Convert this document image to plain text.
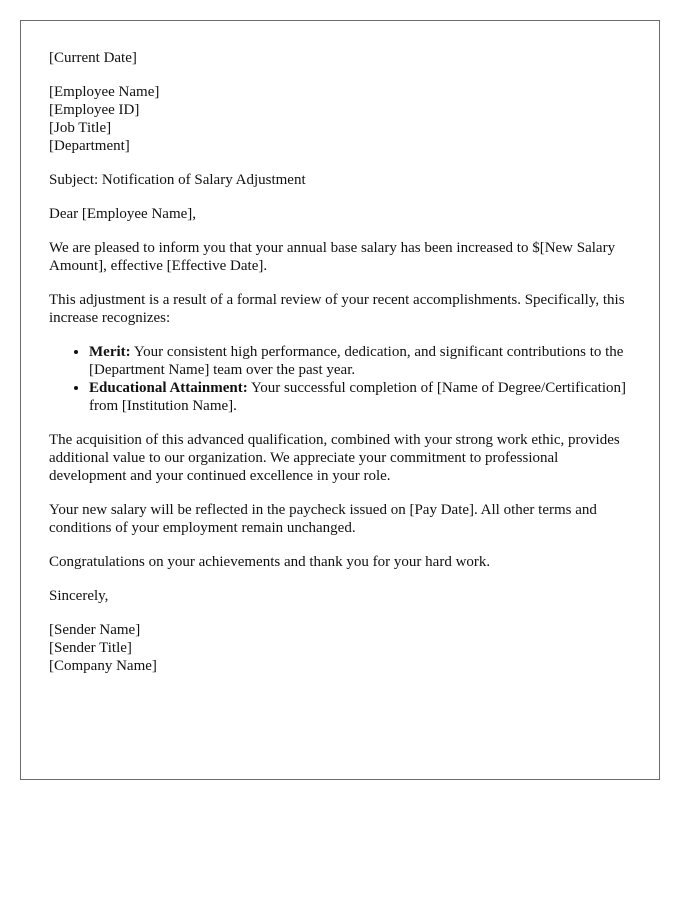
[Current Date]
[Employee Name]
[Employee ID]
[Job Title]
[Department]
Subject: Notification of Salary Adjustment
Dear [Employee Name],
We are pleased to inform you that your annual base salary has been increased to $[New Salary Amount], effective [Effective Date].
This adjustment is a result of a formal review of your recent accomplishments. Specifically, this increase recognizes:
• Merit: Your consistent high performance, dedication, and significant contributions to the [Department Name] team over the past year.
• Educational Attainment: Your successful completion of [Name of Degree/Certification] from [Institution Name].
The acquisition of this advanced qualification, combined with your strong work ethic, provides additional value to our organization. We appreciate your commitment to professional development and your continued excellence in your role.
Your new salary will be reflected in the paycheck issued on [Pay Date]. All other terms and conditions of your employment remain unchanged.
Congratulations on your achievements and thank you for your hard work.
Sincerely,
[Sender Name]
[Sender Title]
[Company Name]
